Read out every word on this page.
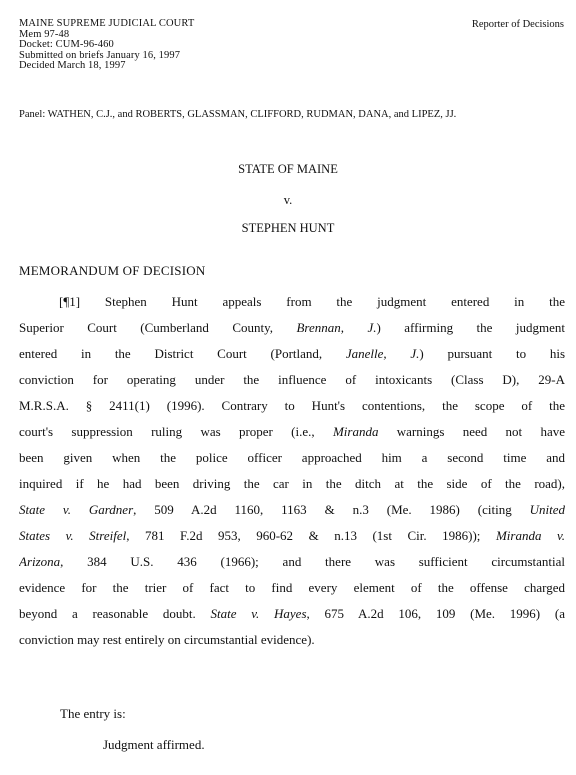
MAINE SUPREME JUDICIAL COURT
Mem 97-48
Docket: CUM-96-460
Submitted on briefs January 16, 1997
Decided March 18, 1997
Reporter of Decisions
Panel: WATHEN, C.J., and ROBERTS, GLASSMAN, CLIFFORD, RUDMAN, DANA, and LIPEZ, JJ.
STATE OF MAINE
v.
STEPHEN HUNT
MEMORANDUM OF DECISION
[¶1] Stephen Hunt appeals from the judgment entered in the
Superior Court (Cumberland County, Brennan, J.) affirming the judgment
entered in the District Court (Portland, Janelle, J.) pursuant to his
conviction for operating under the influence of intoxicants (Class D), 29-A
M.R.S.A. § 2411(1) (1996). Contrary to Hunt's contentions, the scope of the
court's suppression ruling was proper (i.e., Miranda warnings need not have
been given when the police officer approached him a second time and
inquired if he had been driving the car in the ditch at the side of the road),
State v. Gardner, 509 A.2d 1160, 1163 & n.3 (Me. 1986) (citing United
States v. Streifel, 781 F.2d 953, 960-62 & n.13 (1st Cir. 1986)); Miranda v.
Arizona, 384 U.S. 436 (1966); and there was sufficient circumstantial
evidence for the trier of fact to find every element of the offense charged
beyond a reasonable doubt. State v. Hayes, 675 A.2d 106, 109 (Me. 1996) (a
conviction may rest entirely on circumstantial evidence).
The entry is:
Judgment affirmed.
